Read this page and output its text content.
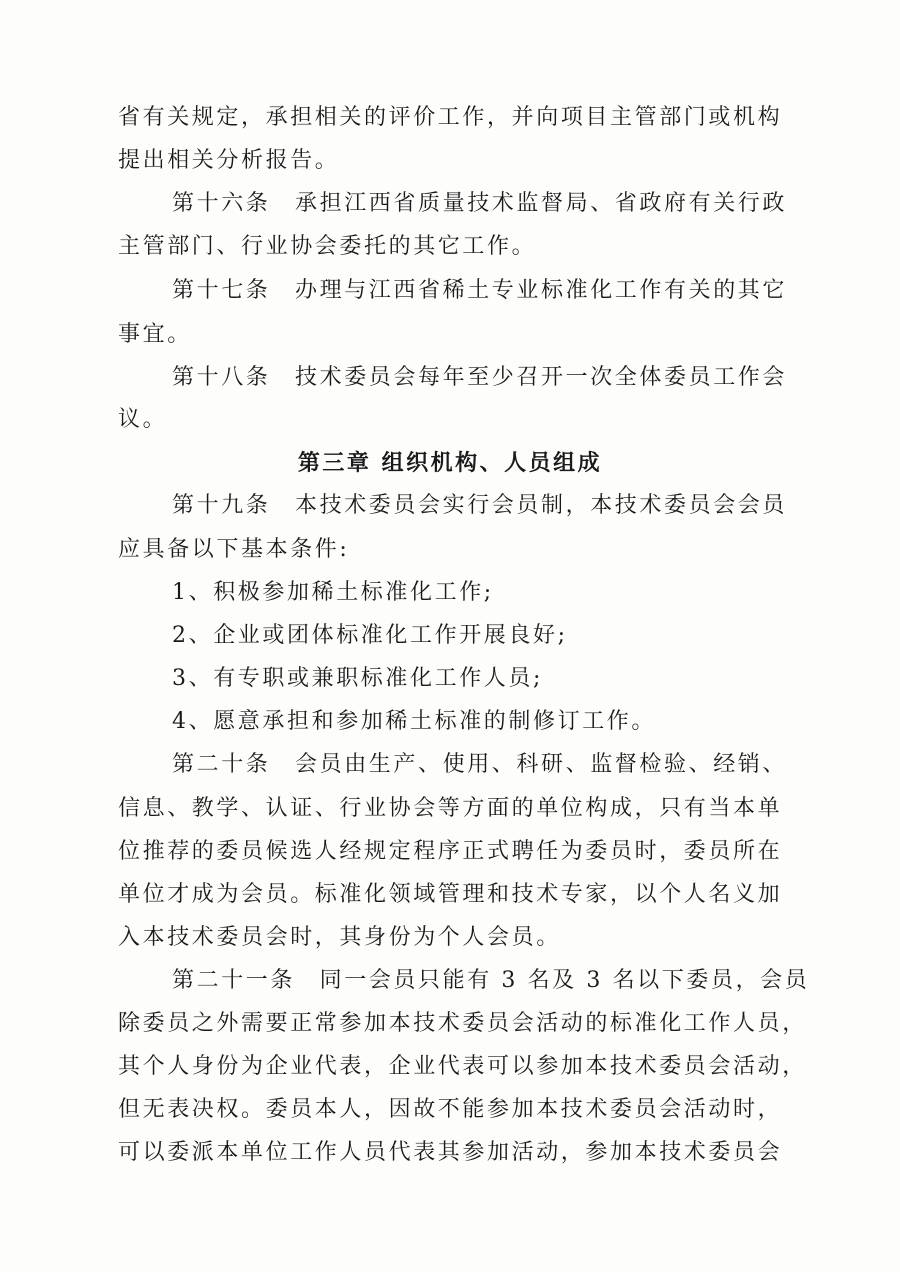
省有关规定，承担相关的评价工作，并向项目主管部门或机构
提出相关分析报告。
第十六条　承担江西省质量技术监督局、省政府有关行政
主管部门、行业协会委托的其它工作。
第十七条　办理与江西省稀土专业标准化工作有关的其它
事宜。
第十八条　技术委员会每年至少召开一次全体委员工作会
议。
第三章 组织机构、人员组成
第十九条　本技术委员会实行会员制，本技术委员会会员
应具备以下基本条件:
1、积极参加稀土标准化工作;
2、企业或团体标准化工作开展良好;
3、有专职或兼职标准化工作人员;
4、愿意承担和参加稀土标准的制修订工作。
第二十条　会员由生产、使用、科研、监督检验、经销、
信息、教学、认证、行业协会等方面的单位构成，只有当本单
位推荐的委员候选人经规定程序正式聘任为委员时，委员所在
单位才成为会员。标准化领域管理和技术专家，以个人名义加
入本技术委员会时，其身份为个人会员。
第二十一条　同一会员只能有 3 名及 3 名以下委员，会员
除委员之外需要正常参加本技术委员会活动的标准化工作人员，
其个人身份为企业代表，企业代表可以参加本技术委员会活动，
但无表决权。委员本人，因故不能参加本技术委员会活动时，
可以委派本单位工作人员代表其参加活动，参加本技术委员会
